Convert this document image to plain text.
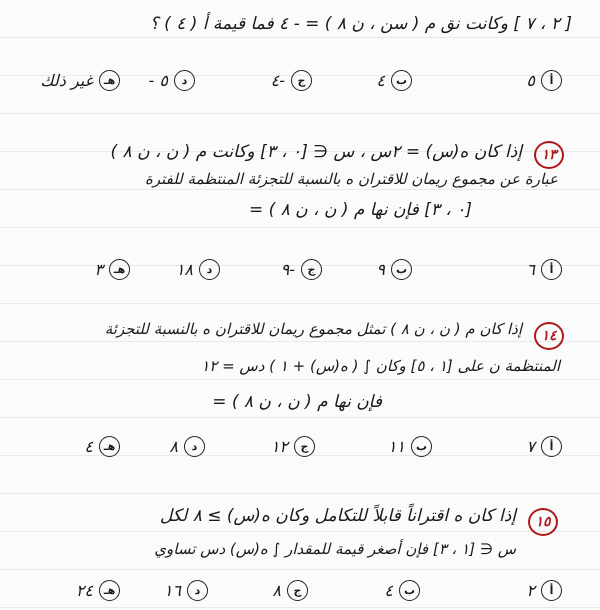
[ ٢ ، ٧ ] وكانت نق م ( سن ، ن ٨ ) = - ٤ فما قيمة أ ( ٤ ) ؟
أ
٥
ب
٤
ج
-٤
د
٥ -
هـ
غير ذلك
١٣
إذا كان ه(س) = ٢س ، س ∈ [٠ ، ٣] وكانت م ( ن ، ن ٨ )
عبارة عن مجموع ريمان للاقتران ه بالنسبة للتجزئة المنتظمة للفترة
[٠ ، ٣] فإن نها م ( ن ، ن ٨ ) =
أ
٦
ب
٩
ج
-٩
د
١٨
هـ
٣
١٤
إذا كان م ( ن ، ن ٨ ) تمثل مجموع ريمان للاقتران ه بالنسبة للتجزئة
المنتظمة ن على [١ ، ٥] وكان ∫ ( ه(س) + ١ ) دس = ١٢
فإن نها م ( ن ، ن ٨ ) =
أ
٧
ب
١١
ج
١٢
د
٨
هـ
٤
١٥
إذا كان ه اقتراناً قابلاً للتكامل وكان ه(س) ≥ ٨ لكل
س ∈ [١ ، ٣] فإن أصغر قيمة للمقدار ∫ ه(س) دس تساوي
أ
٢
ب
٤
ج
٨
د
١٦
هـ
٢٤
